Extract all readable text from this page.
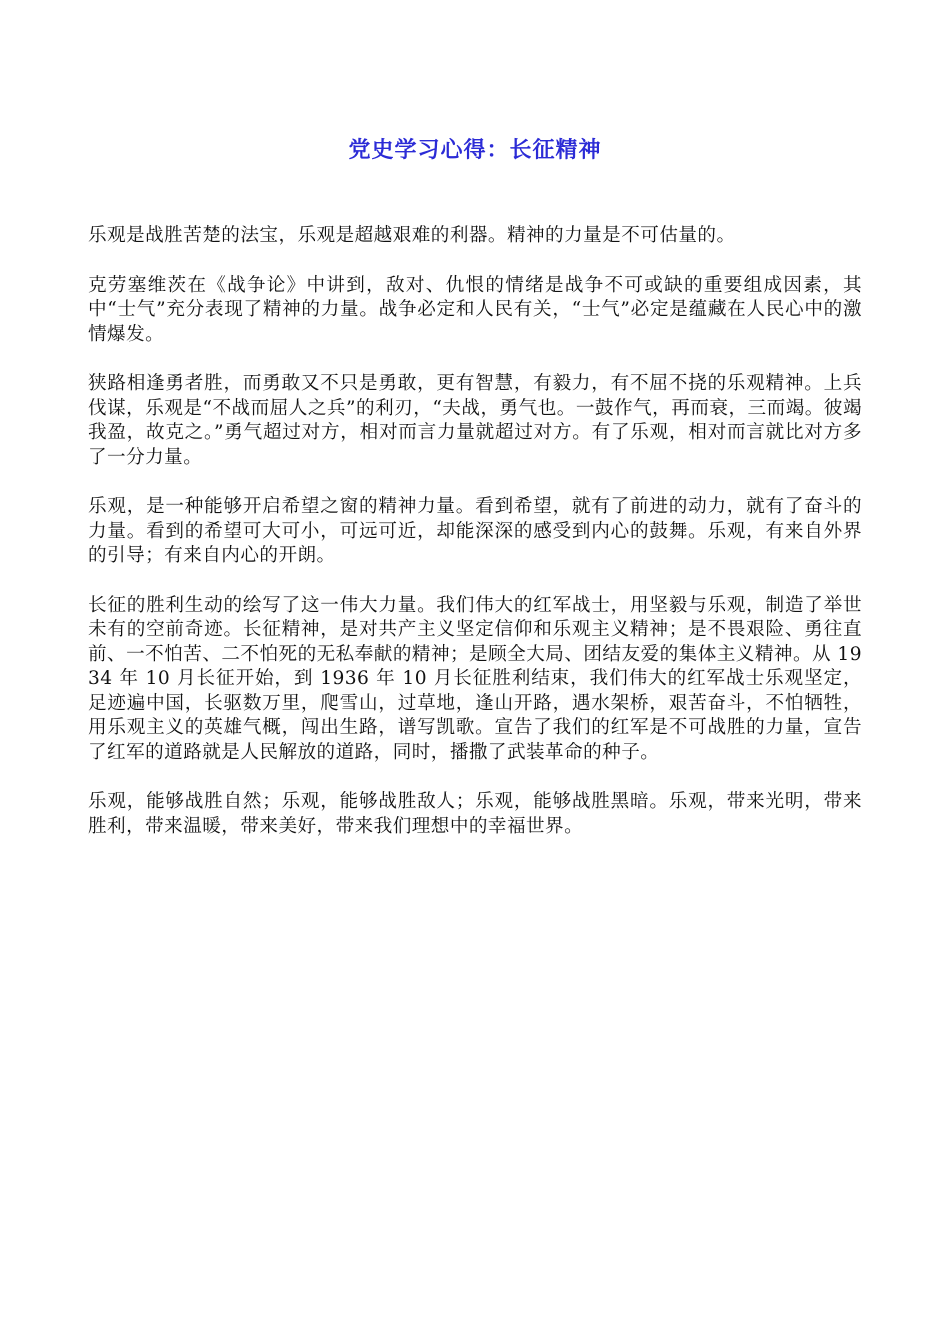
党史学习心得：长征精神

乐观是战胜苦楚的法宝，乐观是超越艰难的利器。精神的力量是不可估量的。

克劳塞维茨在《战争论》中讲到，敌对、仇恨的情绪是战争不可或缺的重要组成因素，其中“士气”充分表现了精神的力量。战争必定和人民有关，“士气”必定是蕴藏在人民心中的激情爆发。

狭路相逢勇者胜，而勇敢又不只是勇敢，更有智慧，有毅力，有不屈不挠的乐观精神。上兵伐谋，乐观是“不战而屈人之兵”的利刃，“夫战，勇气也。一鼓作气，再而衰，三而竭。彼竭我盈，故克之。”勇气超过对方，相对而言力量就超过对方。有了乐观，相对而言就比对方多了一分力量。

乐观，是一种能够开启希望之窗的精神力量。看到希望，就有了前进的动力，就有了奋斗的力量。看到的希望可大可小，可远可近，却能深深的感受到内心的鼓舞。乐观，有来自外界的引导；有来自内心的开朗。

长征的胜利生动的绘写了这一伟大力量。我们伟大的红军战士，用坚毅与乐观，制造了举世未有的空前奇迹。长征精神，是对共产主义坚定信仰和乐观主义精神；是不畏艰险、勇往直前、一不怕苦、二不怕死的无私奉献的精神；是顾全大局、团结友爱的集体主义精神。从 1934 年 10 月长征开始，到 1936 年 10 月长征胜利结束，我们伟大的红军战士乐观坚定，足迹遍中国，长驱数万里，爬雪山，过草地，逢山开路，遇水架桥，艰苦奋斗，不怕牺牲，用乐观主义的英雄气概，闯出生路，谱写凯歌。宣告了我们的红军是不可战胜的力量，宣告了红军的道路就是人民解放的道路，同时，播撒了武装革命的种子。

乐观，能够战胜自然；乐观，能够战胜敌人；乐观，能够战胜黑暗。乐观，带来光明，带来胜利，带来温暖，带来美好，带来我们理想中的幸福世界。
